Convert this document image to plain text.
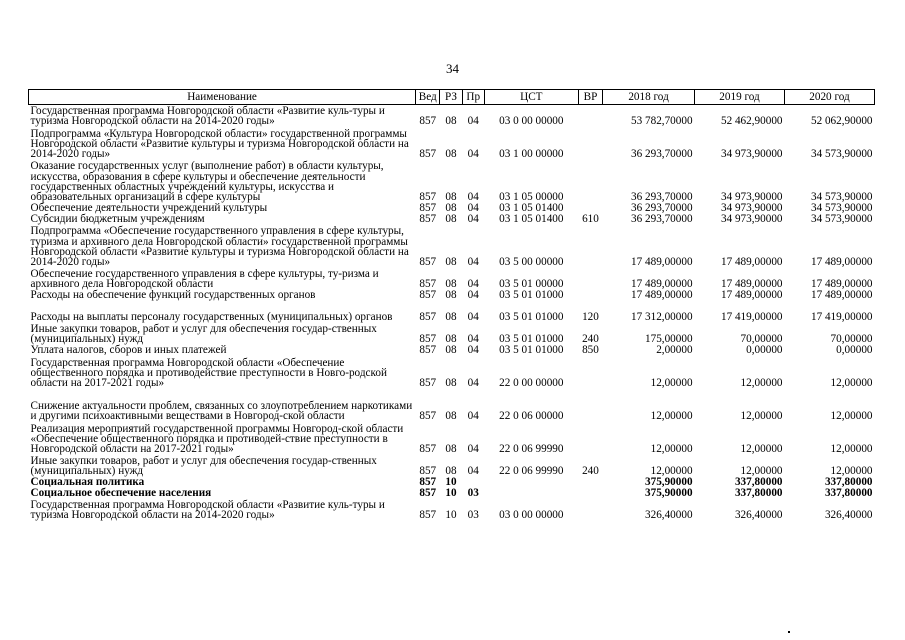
34
Наименование	Вед	РЗ	Пр	ЦСТ	ВР	2018 год	2019 год	2020 год
Государственная программа Новгородской области «Развитие куль-туры и туризма Новгородской области на 2014-2020 годы»	857	08	04	03 0 00 00000		53 782,70000	52 462,90000	52 062,90000
Подпрограмма «Культура Новгородской области» государственной программы Новгородской области «Развитие культуры и туризма Новгородской области на 2014-2020 годы»	857	08	04	03 1 00 00000		36 293,70000	34 973,90000	34 573,90000
Оказание государственных услуг (выполнение работ) в области культуры, искусства, образования в сфере культуры и обеспечение деятельности государственных областных учреждений культуры, искусства и образовательных организаций в сфере культуры	857	08	04	03 1 05 00000		36 293,70000	34 973,90000	34 573,90000
Обеспечение деятельности учреждений культуры	857	08	04	03 1 05 01400		36 293,70000	34 973,90000	34 573,90000
Субсидии бюджетным учреждениям	857	08	04	03 1 05 01400	610	36 293,70000	34 973,90000	34 573,90000
Подпрограмма «Обеспечение государственного управления в сфере культуры, туризма и архивного дела Новгородской области» государственной программы Новгородской области «Развитие культуры и туризма Новгородской области на 2014-2020 годы»	857	08	04	03 5 00 00000		17 489,00000	17 489,00000	17 489,00000
Обеспечение государственного управления в сфере культуры, ту-ризма и архивного дела Новгородской области	857	08	04	03 5 01 00000		17 489,00000	17 489,00000	17 489,00000
Расходы на обеспечение функций государственных органов	857	08	04	03 5 01 01000		17 489,00000	17 489,00000	17 489,00000
Расходы на выплаты персоналу государственных (муниципальных) органов	857	08	04	03 5 01 01000	120	17 312,00000	17 419,00000	17 419,00000
Иные закупки товаров, работ и услуг для обеспечения государ-ственных (муниципальных) нужд	857	08	04	03 5 01 01000	240	175,00000	70,00000	70,00000
Уплата налогов, сборов и иных платежей	857	08	04	03 5 01 01000	850	2,00000	0,00000	0,00000
Государственная программа Новгородской области «Обеспечение общественного порядка и противодействие преступности в Новго-родской области на 2017-2021 годы»	857	08	04	22 0 00 00000		12,00000	12,00000	12,00000
Снижение актуальности проблем, связанных со злоупотреблением наркотиками и другими психоактивными веществами в Новгород-ской области	857	08	04	22 0 06 00000		12,00000	12,00000	12,00000
Реализация мероприятий государственной программы Новгород-ской области «Обеспечение общественного порядка и противодей-ствие преступности в Новгородской области на 2017-2021 годы»	857	08	04	22 0 06 99990		12,00000	12,00000	12,00000
Иные закупки товаров, работ и услуг для обеспечения государ-ственных (муниципальных) нужд	857	08	04	22 0 06 99990	240	12,00000	12,00000	12,00000
Социальная политика	857	10				375,90000	337,80000	337,80000
Социальное обеспечение населения	857	10	03			375,90000	337,80000	337,80000
Государственная программа Новгородской области «Развитие куль-туры и туризма Новгородской области на 2014-2020 годы»	857	10	03	03 0 00 00000		326,40000	326,40000	326,40000
